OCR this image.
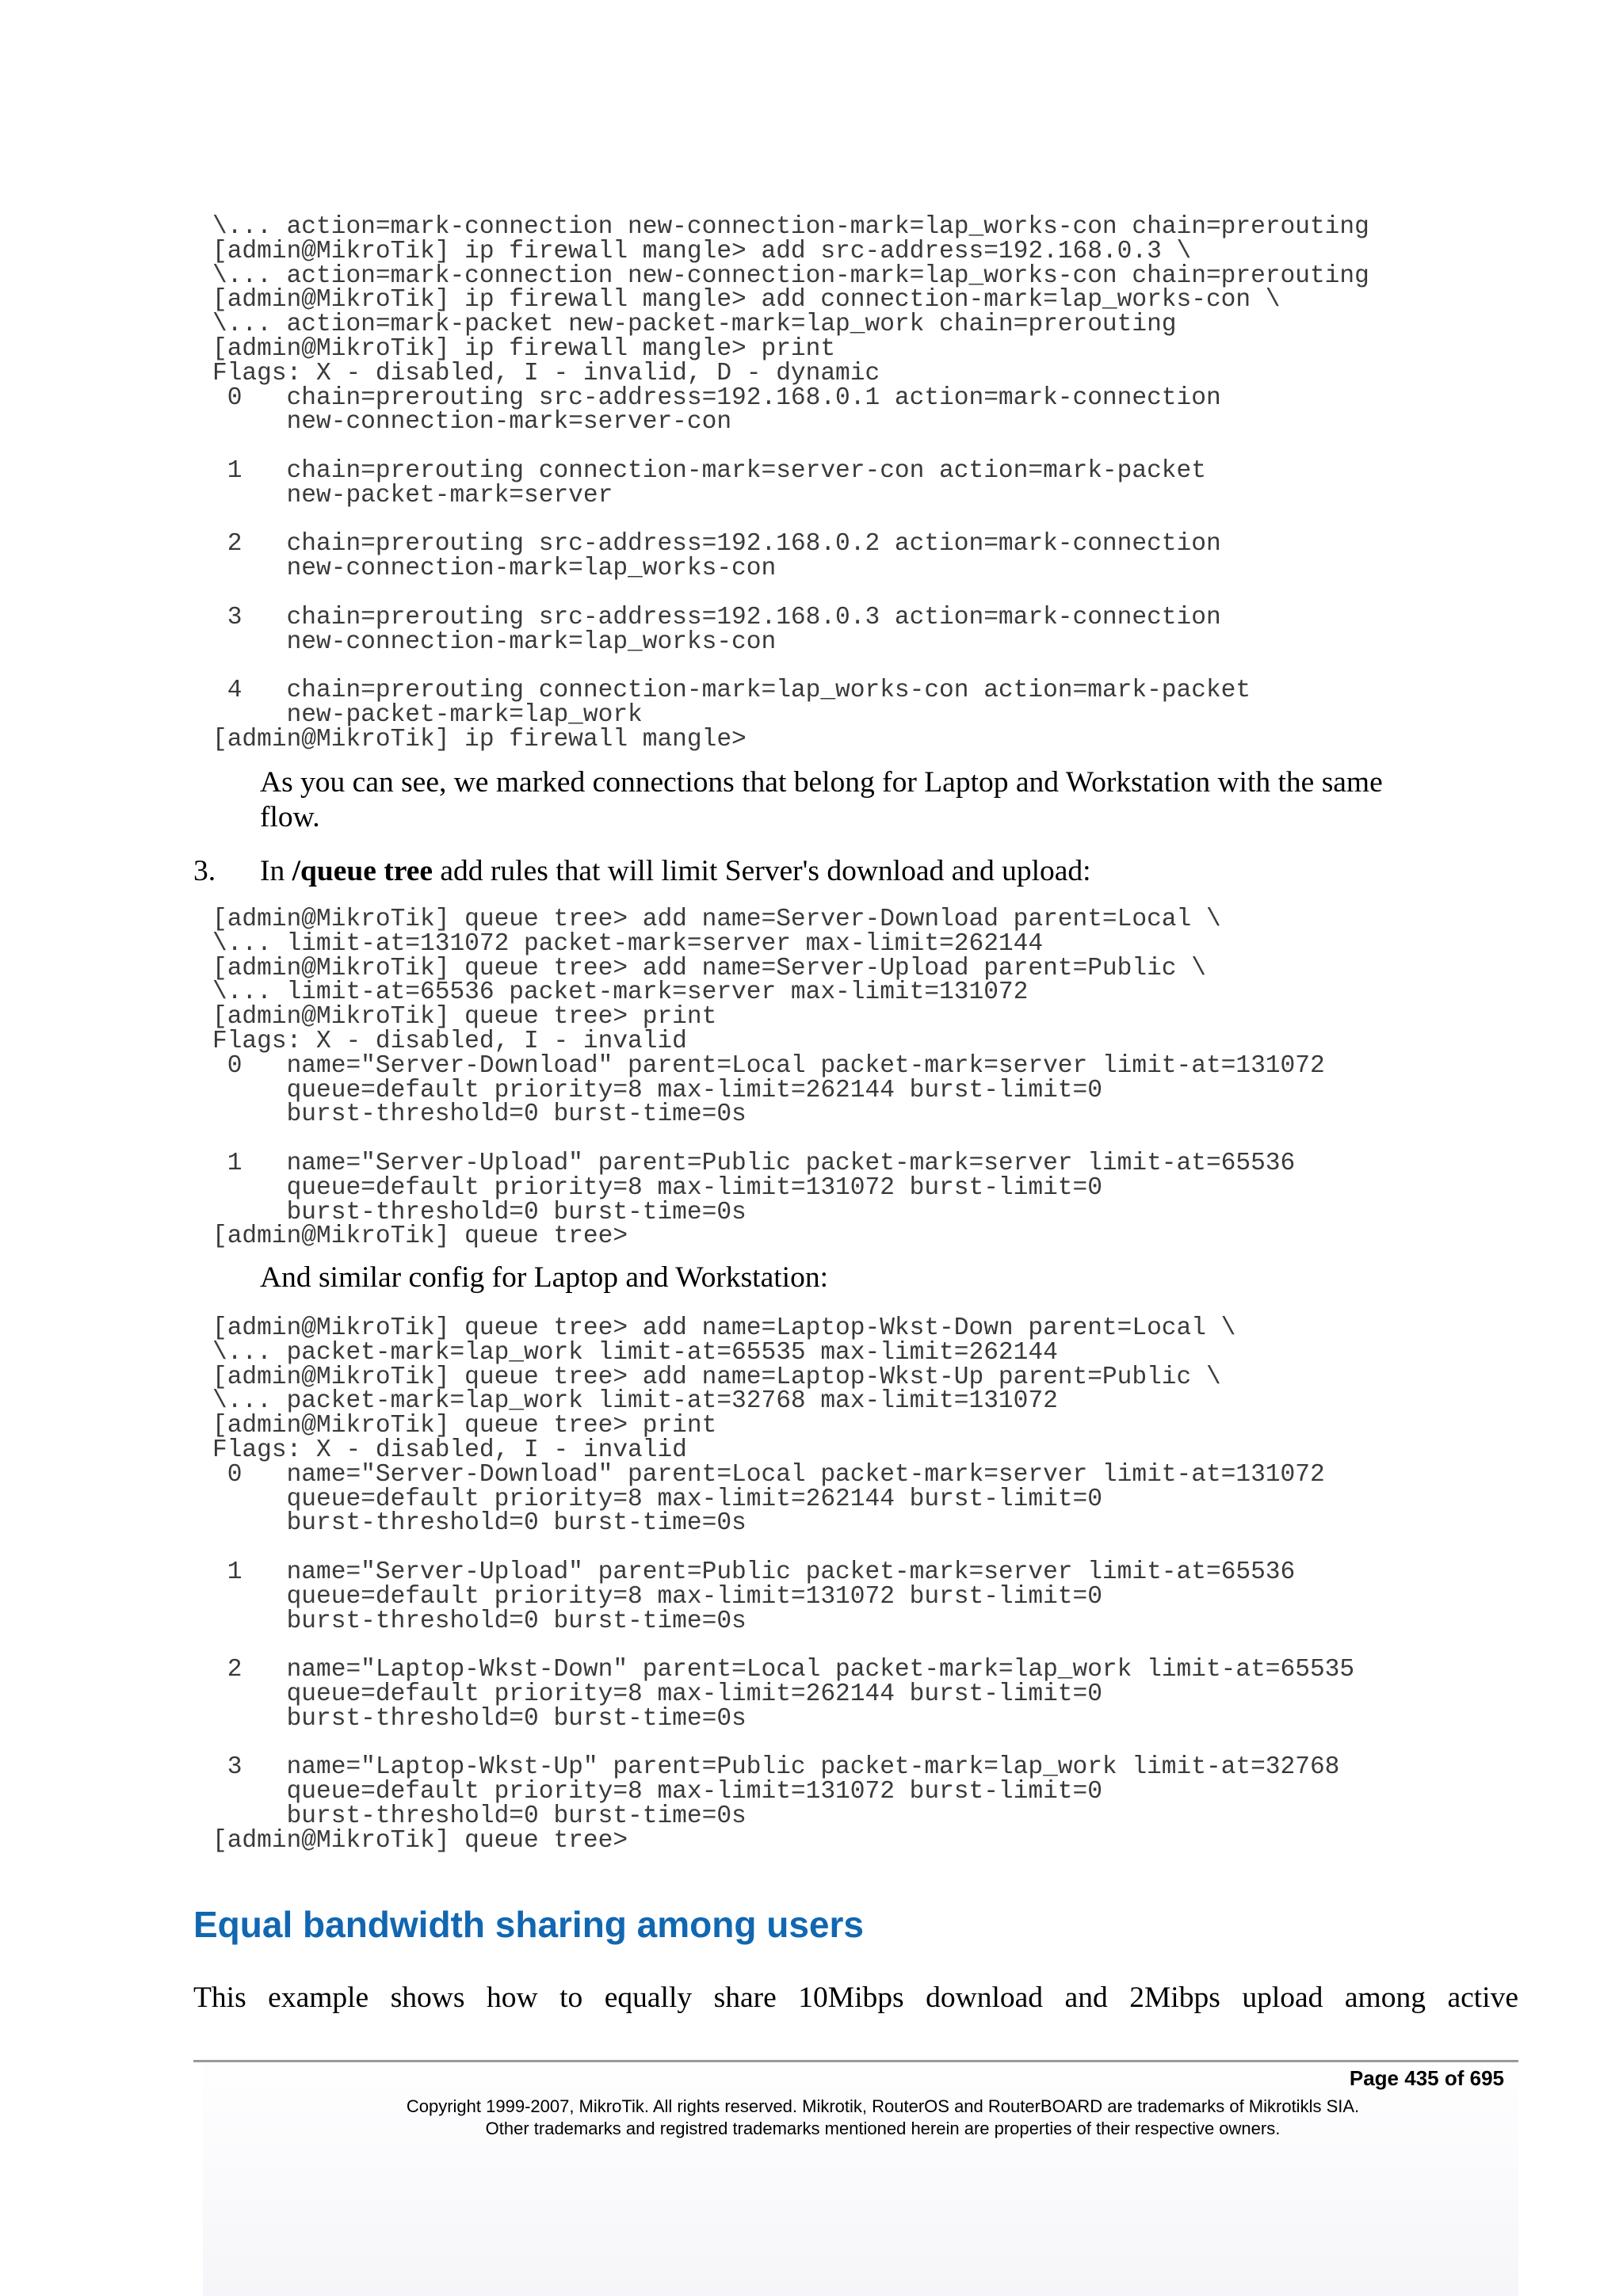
\... action=mark-connection new-connection-mark=lap_works-con chain=prerouting
[admin@MikroTik] ip firewall mangle> add src-address=192.168.0.3 \
\... action=mark-connection new-connection-mark=lap_works-con chain=prerouting
[admin@MikroTik] ip firewall mangle> add connection-mark=lap_works-con \
\... action=mark-packet new-packet-mark=lap_work chain=prerouting
[admin@MikroTik] ip firewall mangle> print
Flags: X - disabled, I - invalid, D - dynamic
0   chain=prerouting src-address=192.168.0.1 action=mark-connection
new-connection-mark=server-con

1   chain=prerouting connection-mark=server-con action=mark-packet
new-packet-mark=server

2   chain=prerouting src-address=192.168.0.2 action=mark-connection
new-connection-mark=lap_works-con

3   chain=prerouting src-address=192.168.0.3 action=mark-connection
new-connection-mark=lap_works-con

4   chain=prerouting connection-mark=lap_works-con action=mark-packet
new-packet-mark=lap_work
[admin@MikroTik] ip firewall mangle>
As you can see, we marked connections that belong for Laptop and Workstation with the same
flow.
3. In /queue tree add rules that will limit Server's download and upload:
[admin@MikroTik] queue tree> add name=Server-Download parent=Local \
\... limit-at=131072 packet-mark=server max-limit=262144
[admin@MikroTik] queue tree> add name=Server-Upload parent=Public \
\... limit-at=65536 packet-mark=server max-limit=131072
[admin@MikroTik] queue tree> print
Flags: X - disabled, I - invalid
0   name="Server-Download" parent=Local packet-mark=server limit-at=131072
queue=default priority=8 max-limit=262144 burst-limit=0
burst-threshold=0 burst-time=0s

1   name="Server-Upload" parent=Public packet-mark=server limit-at=65536
queue=default priority=8 max-limit=131072 burst-limit=0
burst-threshold=0 burst-time=0s
[admin@MikroTik] queue tree>
And similar config for Laptop and Workstation:
[admin@MikroTik] queue tree> add name=Laptop-Wkst-Down parent=Local \
\... packet-mark=lap_work limit-at=65535 max-limit=262144
[admin@MikroTik] queue tree> add name=Laptop-Wkst-Up parent=Public \
\... packet-mark=lap_work limit-at=32768 max-limit=131072
[admin@MikroTik] queue tree> print
Flags: X - disabled, I - invalid
0   name="Server-Download" parent=Local packet-mark=server limit-at=131072
queue=default priority=8 max-limit=262144 burst-limit=0
burst-threshold=0 burst-time=0s

1   name="Server-Upload" parent=Public packet-mark=server limit-at=65536
queue=default priority=8 max-limit=131072 burst-limit=0
burst-threshold=0 burst-time=0s

2   name="Laptop-Wkst-Down" parent=Local packet-mark=lap_work limit-at=65535
queue=default priority=8 max-limit=262144 burst-limit=0
burst-threshold=0 burst-time=0s

3   name="Laptop-Wkst-Up" parent=Public packet-mark=lap_work limit-at=32768
queue=default priority=8 max-limit=131072 burst-limit=0
burst-threshold=0 burst-time=0s
[admin@MikroTik] queue tree>
Equal bandwidth sharing among users
This example shows how to equally share 10Mibps download and 2Mibps upload among active
Page 435 of 695
Copyright 1999-2007, MikroTik. All rights reserved. Mikrotik, RouterOS and RouterBOARD are trademarks of Mikrotikls SIA.
Other trademarks and registred trademarks mentioned herein are properties of their respective owners.
